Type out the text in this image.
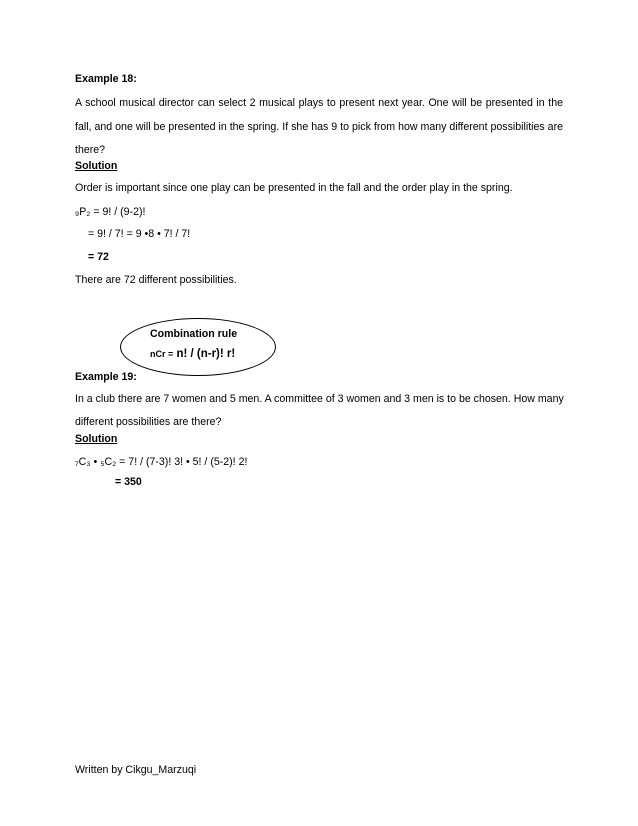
Example 18:
A school musical director can select 2 musical plays to present next year. One will be presented in the
fall, and one will be presented in the spring. If she has 9 to pick from how many different possibilities are
there?
Solution
Order is important since one play can be presented in the fall and the order play in the spring.
₉P₂ = 9! / (9-2)!
= 9! / 7! = 9 •8 • 7! / 7!
= 72
There are 72 different possibilities.
Combination rule
nCr = n! / (n-r)! r!
Example 19:
In a club there are 7 women and 5 men. A committee of 3 women and 3 men is to be chosen. How many
different possibilities are there?
Solution
₇C₃ • ₅C₂ = 7! / (7-3)! 3! • 5! / (5-2)! 2!
= 350
Written by Cikgu_Marzuqi
